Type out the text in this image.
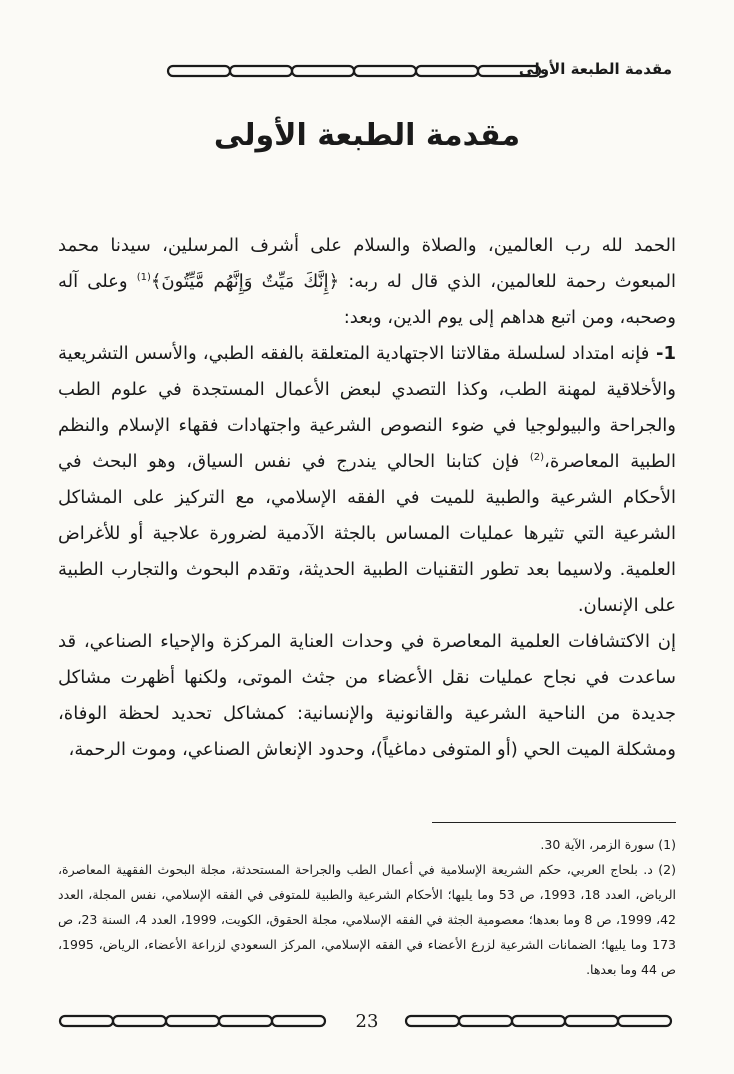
مقدمة الطبعة الأولى
مقدمة الطبعة الأولى

الحمد لله رب العالمين، والصلاة والسلام على أشرف المرسلين، سيدنا محمد المبعوث رحمة للعالمين، الذي قال له ربه: ﴿إِنَّكَ مَيِّتٌ وَإِنَّهُم مَّيِّتُونَ﴾$^{(1)}$ وعلى آله وصحبه، ومن اتبع هداهم إلى يوم الدين، وبعد:

1- فإنه امتداد لسلسلة مقالاتنا الاجتهادية المتعلقة بالفقه الطبي، والأسس التشريعية والأخلاقية لمهنة الطب، وكذا التصدي لبعض الأعمال المستجدة في علوم الطب والجراحة والبيولوجيا في ضوء النصوص الشرعية واجتهادات فقهاء الإسلام والنظم الطبية المعاصرة،$^{(2)}$ فإن كتابنا الحالي يندرج في نفس السياق، وهو البحث في الأحكام الشرعية والطبية للميت في الفقه الإسلامي، مع التركيز على المشاكل الشرعية التي تثيرها عمليات المساس بالجثة الآدمية لضرورة علاجية أو للأغراض العلمية. ولاسيما بعد تطور التقنيات الطبية الحديثة، وتقدم البحوث والتجارب الطبية على الإنسان.

إن الاكتشافات العلمية المعاصرة في وحدات العناية المركزة والإحياء الصناعي، قد ساعدت في نجاح عمليات نقل الأعضاء من جثث الموتى، ولكنها أظهرت مشاكل جديدة من الناحية الشرعية والقانونية والإنسانية: كمشاكل تحديد لحظة الوفاة، ومشكلة الميت الحي (أو المتوفى دماغياً)، وحدود الإنعاش الصناعي، وموت الرحمة،

(1) سورة الزمر، الآية 30.

(2) د. بلحاج العربي، حكم الشريعة الإسلامية في أعمال الطب والجراحة المستحدثة، مجلة البحوث الفقهية المعاصرة، الرياض، العدد 18، 1993، ص 53 وما يليها؛ الأحكام الشرعية والطبية للمتوفى في الفقه الإسلامي، نفس المجلة، العدد 42، 1999، ص 8 وما بعدها؛ معصومية الجثة في الفقه الإسلامي، مجلة الحقوق، الكويت، 1999، العدد 4، السنة 23، ص 173 وما يليها؛ الضمانات الشرعية لزرع الأعضاء في الفقه الإسلامي، المركز السعودي لزراعة الأعضاء، الرياض، 1995، ص 44 وما بعدها.

23
